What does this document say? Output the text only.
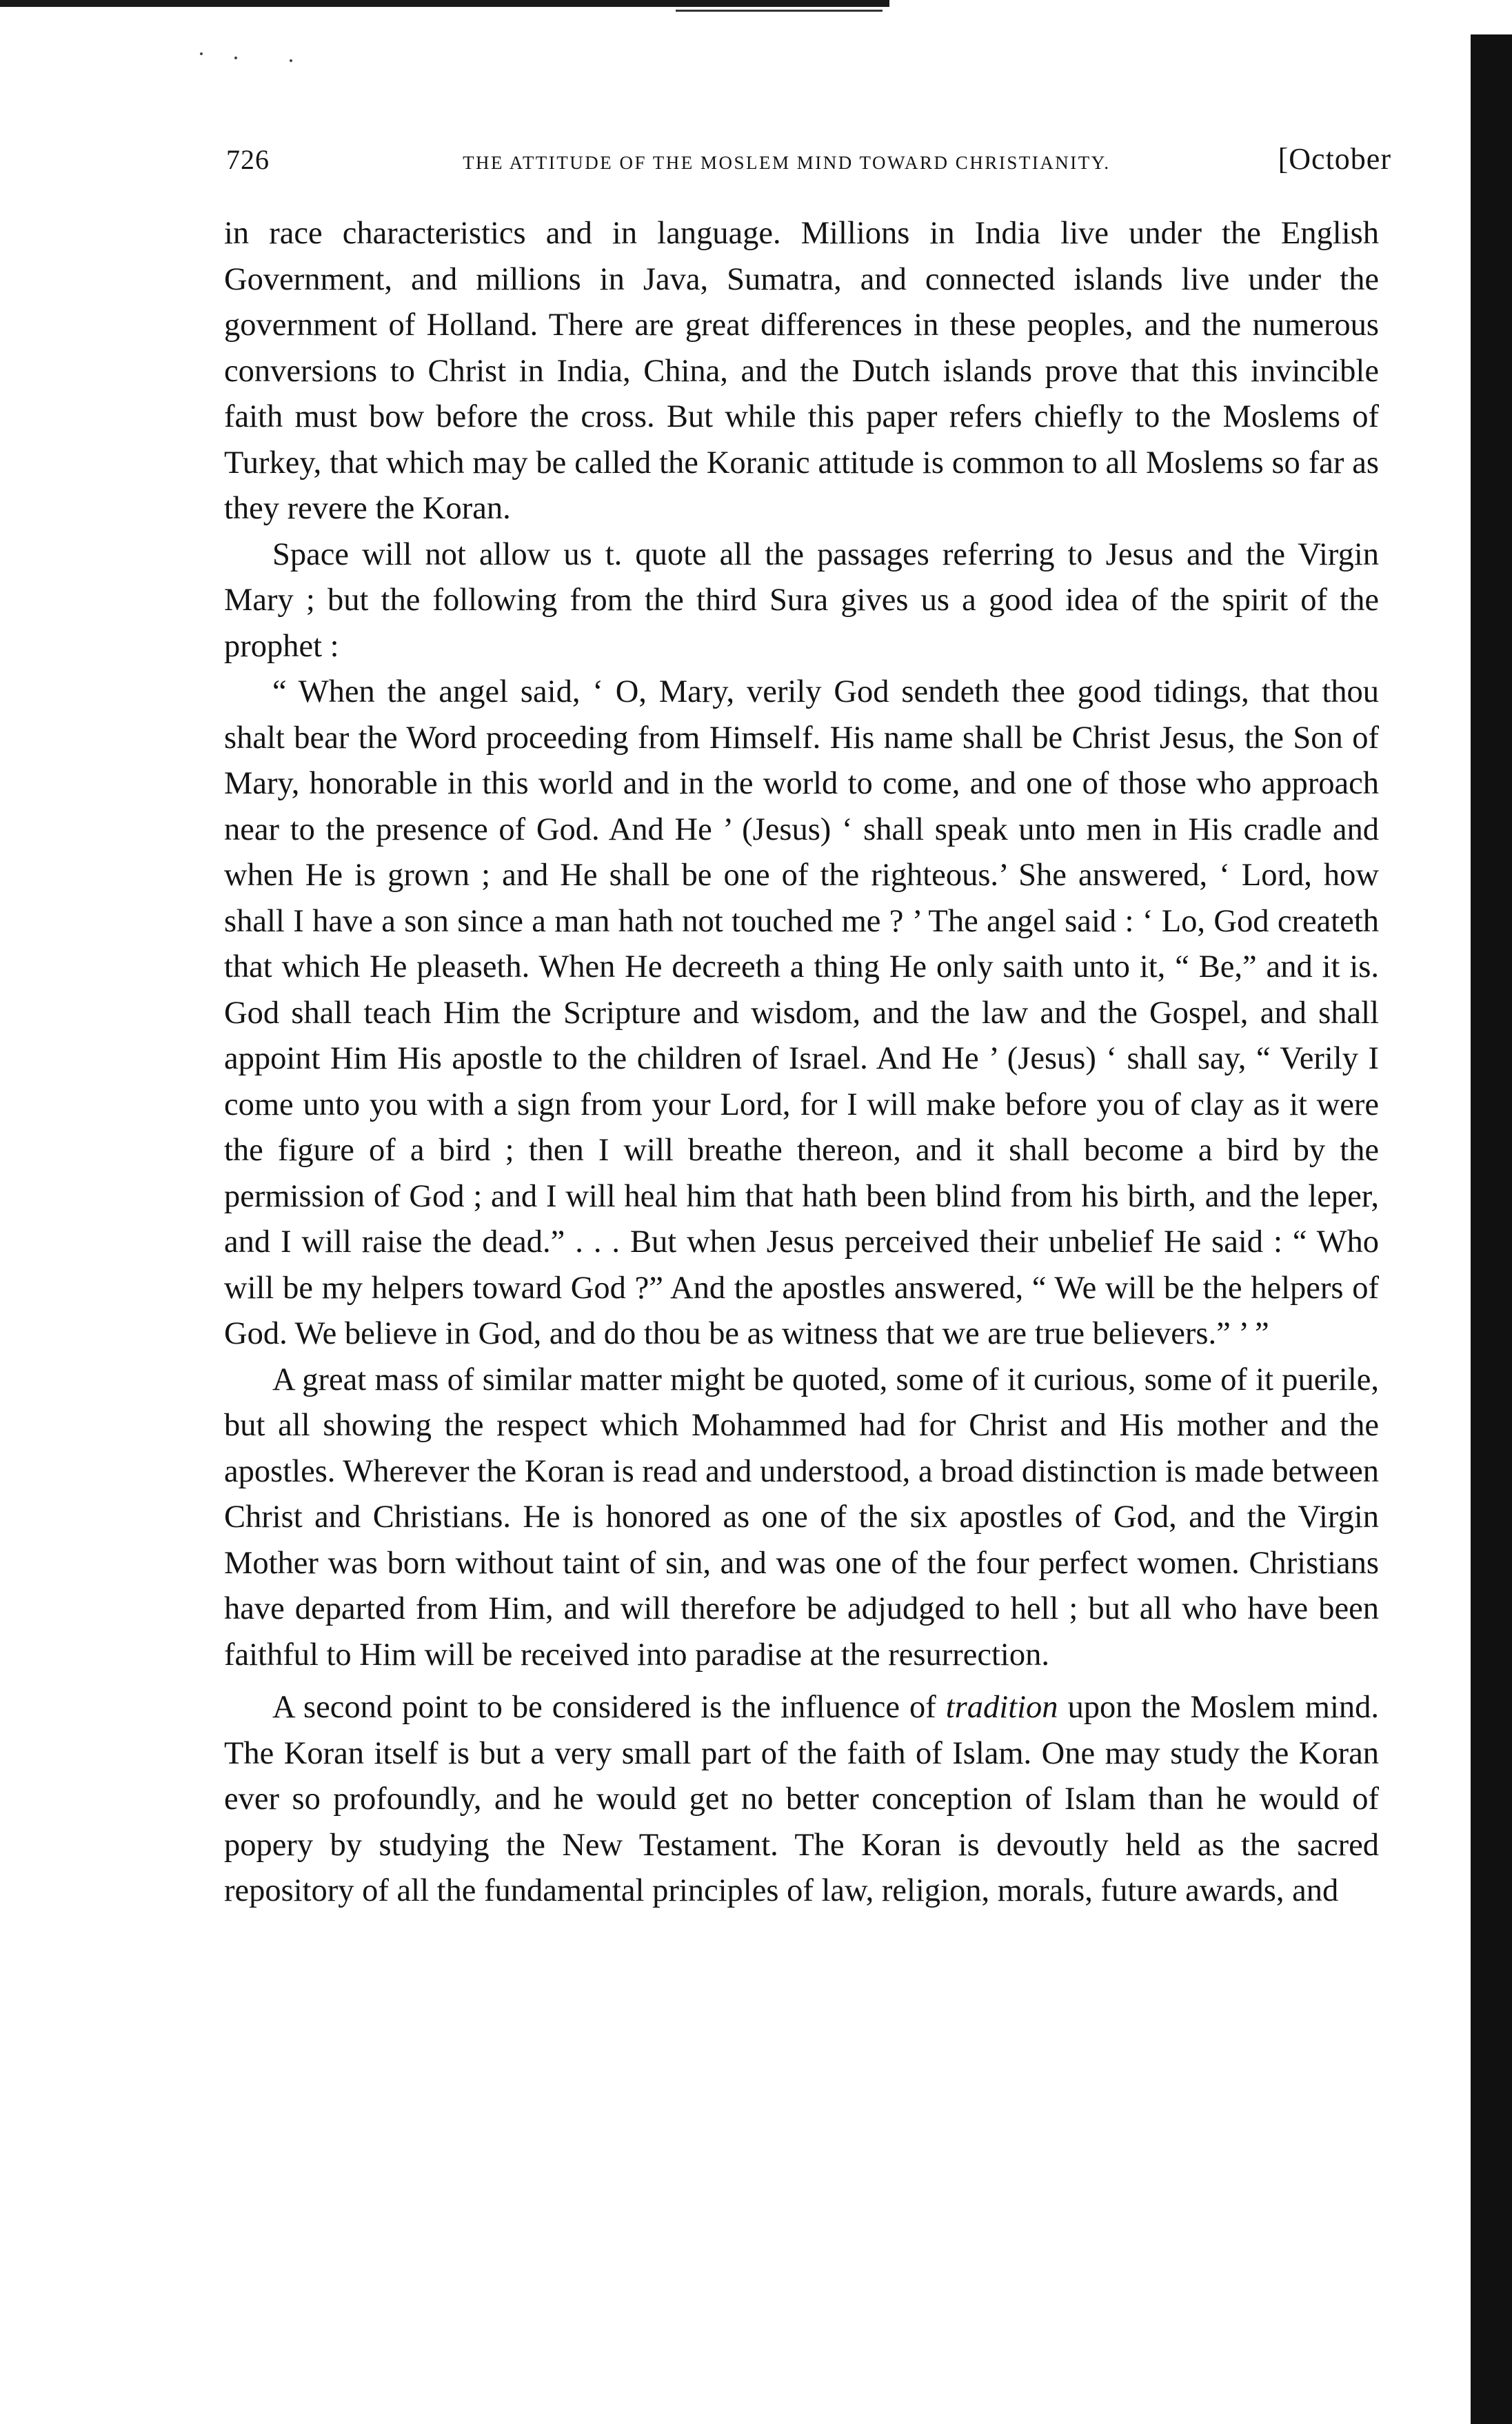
726	THE ATTITUDE OF THE MOSLEM MIND TOWARD CHRISTIANITY.	[October

in race characteristics and in language. Millions in India live under the English Government, and millions in Java, Sumatra, and connected islands live under the government of Holland. There are great differences in these peoples, and the numerous conversions to Christ in India, China, and the Dutch islands prove that this invincible faith must bow before the cross. But while this paper refers chiefly to the Moslems of Turkey, that which may be called the Koranic attitude is common to all Moslems so far as they revere the Koran.

Space will not allow us t. quote all the passages referring to Jesus and the Virgin Mary ; but the following from the third Sura gives us a good idea of the spirit of the prophet :

“ When the angel said, ‘ O, Mary, verily God sendeth thee good tidings, that thou shalt bear the Word proceeding from Himself. His name shall be Christ Jesus, the Son of Mary, honorable in this world and in the world to come, and one of those who approach near to the presence of God. And He ’ (Jesus) ‘ shall speak unto men in His cradle and when He is grown ; and He shall be one of the righteous.’ She answered, ‘ Lord, how shall I have a son since a man hath not touched me ? ’ The angel said : ‘ Lo, God createth that which He pleaseth. When He decreeth a thing He only saith unto it, “ Be,” and it is. God shall teach Him the Scripture and wisdom, and the law and the Gospel, and shall appoint Him His apostle to the children of Israel. And He ’ (Jesus) ‘ shall say, “ Verily I come unto you with a sign from your Lord, for I will make before you of clay as it were the figure of a bird ; then I will breathe thereon, and it shall become a bird by the permission of God ; and I will heal him that hath been blind from his birth, and the leper, and I will raise the dead.” . . . But when Jesus perceived their unbelief He said : “ Who will be my helpers toward God ?” And the apostles answered, “ We will be the helpers of God. We believe in God, and do thou be as witness that we are true believers.” ’ ”

A great mass of similar matter might be quoted, some of it curious, some of it puerile, but all showing the respect which Mohammed had for Christ and His mother and the apostles. Wherever the Koran is read and understood, a broad distinction is made between Christ and Christians. He is honored as one of the six apostles of God, and the Virgin Mother was born without taint of sin, and was one of the four perfect women. Christians have departed from Him, and will therefore be adjudged to hell ; but all who have been faithful to Him will be received into paradise at the resurrection.

A second point to be considered is the influence of tradition upon the Moslem mind. The Koran itself is but a very small part of the faith of Islam. One may study the Koran ever so profoundly, and he would get no better conception of Islam than he would of popery by studying the New Testament. The Koran is devoutly held as the sacred repository of all the fundamental principles of law, religion, morals, future awards, and
